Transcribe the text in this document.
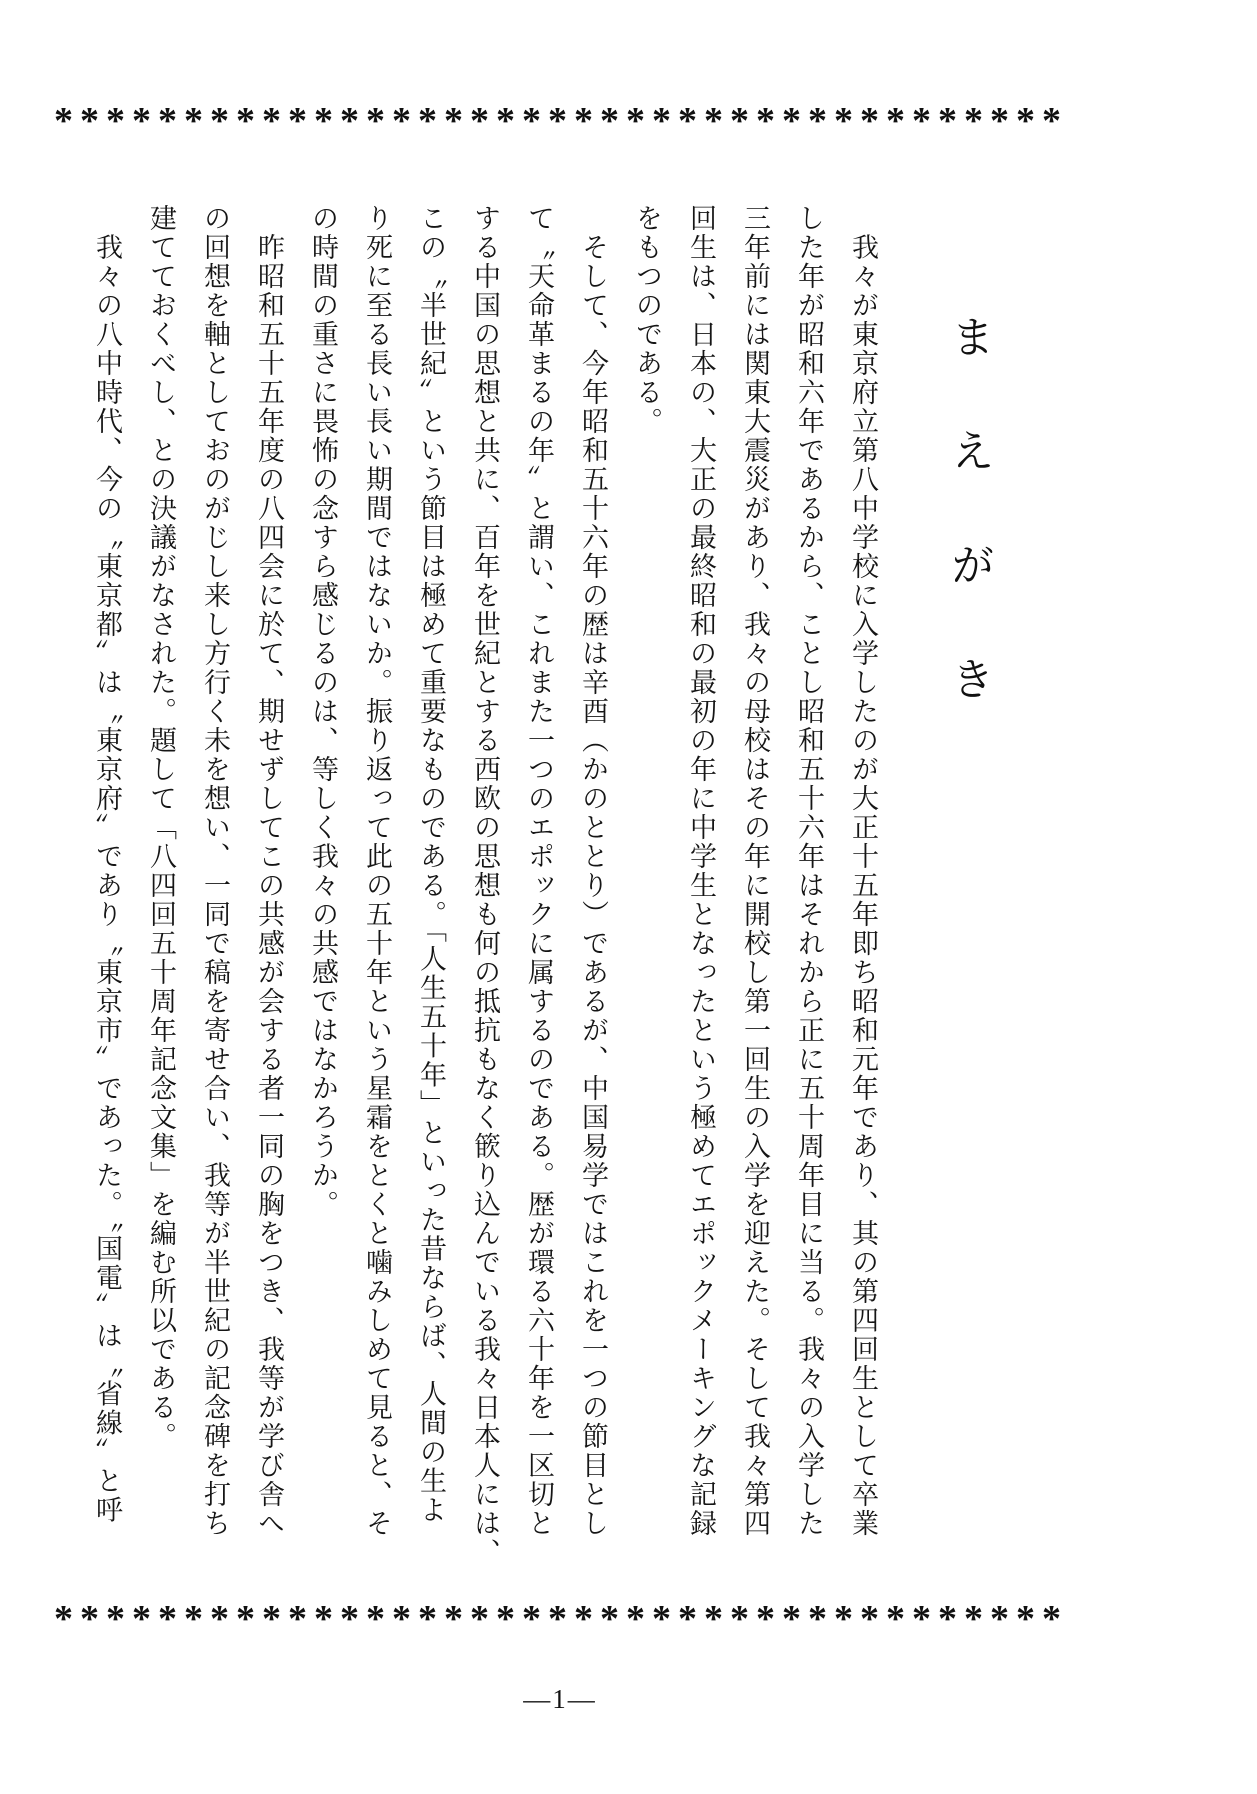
***************************************
まえがき
我々が東京府立第八中学校に入学したのが大正十五年即ち昭和元年であり、其の第四回生として卒業
した年が昭和六年であるから、ことし昭和五十六年はそれから正に五十周年目に当る。我々の入学した
三年前には関東大震災があり、我々の母校はその年に開校し第一回生の入学を迎えた。そして我々第四
回生は、日本の、大正の最終昭和の最初の年に中学生となったという極めてエポックメーキングな記録
をもつのである。
そして、今年昭和五十六年の歴は辛酉（かのととり）であるが、中国易学ではこれを一つの節目とし
て〝天命革まるの年〞と謂い、これまた一つのエポックに属するのである。歴が環る六十年を一区切と
する中国の思想と共に、百年を世紀とする西欧の思想も何の抵抗もなく篏り込んでいる我々日本人には、
この〝半世紀〞という節目は極めて重要なものである。「人生五十年」といった昔ならば、人間の生よ
り死に至る長い長い期間ではないか。振り返って此の五十年という星霜をとくと噛みしめて見ると、そ
の時間の重さに畏怖の念すら感じるのは、等しく我々の共感ではなかろうか。
昨昭和五十五年度の八四会に於て、期せずしてこの共感が会する者一同の胸をつき、我等が学び舎へ
の回想を軸としておのがじし来し方行く未を想い、一同で稿を寄せ合い、我等が半世紀の記念碑を打ち
建てておくべし、との決議がなされた。題して「八四回五十周年記念文集」を編む所以である。
我々の八中時代、今の〝東京都〞は〝東京府〞であり〝東京市〞であった。〝国電〞は〝省線〞と呼
***************************************
—1—
